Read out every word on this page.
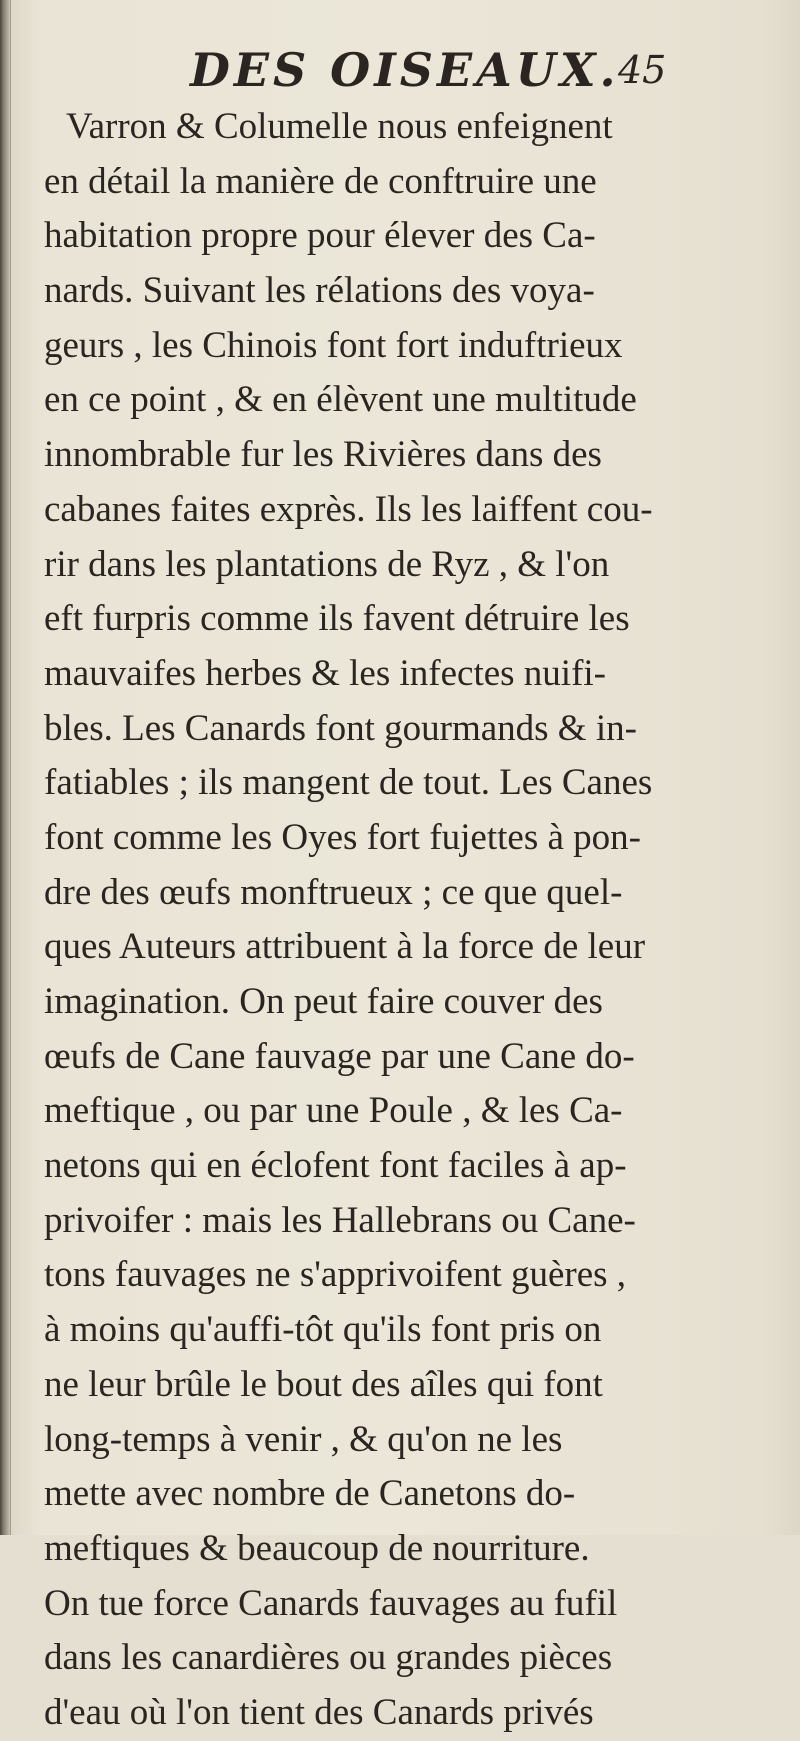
DES OISEAUX.
45
Varron & Columelle nous enfeignent
en détail la manière de conftruire une
habitation propre pour élever des Ca-
nards. Suivant les rélations des voya-
geurs , les Chinois font fort induftrieux
en ce point , & en élèvent une multitude
innombrable fur les Rivières dans des
cabanes faites exprès. Ils les laiffent cou-
rir dans les plantations de Ryz , & l'on
eft furpris comme ils favent détruire les
mauvaifes herbes & les infectes nuifi-
bles. Les Canards font gourmands & in-
fatiables ; ils mangent de tout. Les Canes
font comme les Oyes fort fujettes à pon-
dre des œufs monftrueux ; ce que quel-
ques Auteurs attribuent à la force de leur
imagination. On peut faire couver des
œufs de Cane fauvage par une Cane do-
meftique , ou par une Poule , & les Ca-
netons qui en éclofent font faciles à ap-
privoifer : mais les Hallebrans ou Cane-
tons fauvages ne s'apprivoifent guères ,
à moins qu'auffi-tôt qu'ils font pris on
ne leur brûle le bout des aîles qui font
long-temps à venir , & qu'on ne les
mette avec nombre de Canetons do-
meftiques & beaucoup de nourriture.
On tue force Canards fauvages au fufil
dans les canardières ou grandes pièces
d'eau où l'on tient des Canards privés
